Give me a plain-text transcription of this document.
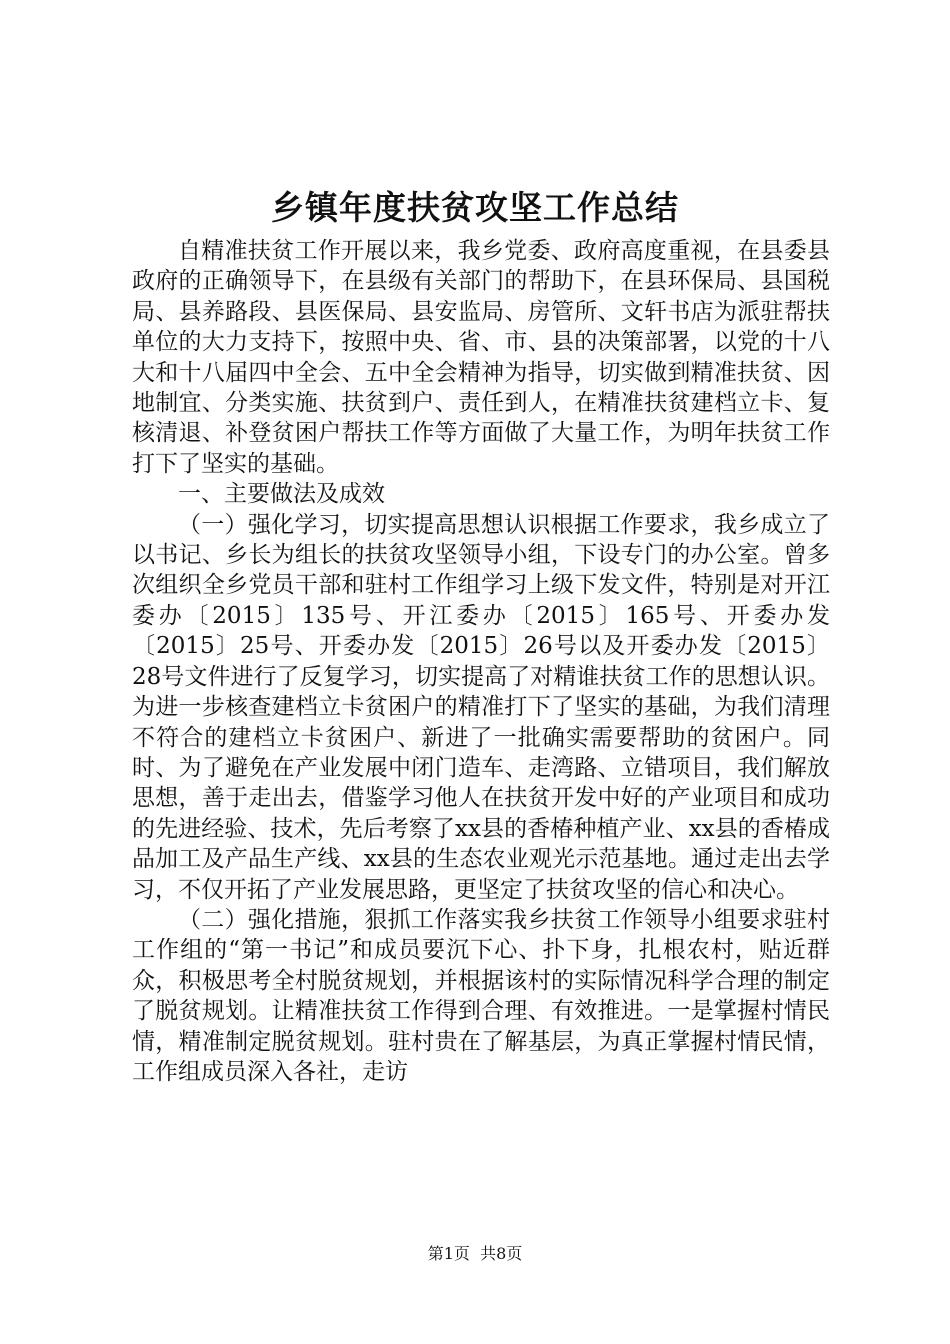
乡镇年度扶贫攻坚工作总结

自精准扶贫工作开展以来，我乡党委、政府高度重视，在县委县政府的正确领导下，在县级有关部门的帮助下，在县环保局、县国税局、县养路段、县医保局、县安监局、房管所、文轩书店为派驻帮扶单位的大力支持下，按照中央、省、市、县的决策部署，以党的十八大和十八届四中全会、五中全会精神为指导，切实做到精准扶贫、因地制宜、分类实施、扶贫到户、责任到人，在精准扶贫建档立卡、复核清退、补登贫困户帮扶工作等方面做了大量工作，为明年扶贫工作打下了坚实的基础。

一、主要做法及成效

（一）强化学习，切实提高思想认识根据工作要求，我乡成立了以书记、乡长为组长的扶贫攻坚领导小组，下设专门的办公室。曾多次组织全乡党员干部和驻村工作组学习上级下发文件，特别是对开江委办〔2015〕135号、开江委办〔2015〕165号、开委办发〔2015〕25号、开委办发〔2015〕26号以及开委办发〔2015〕28号文件进行了反复学习，切实提高了对精谁扶贫工作的思想认识。为进一步核查建档立卡贫困户的精准打下了坚实的基础，为我们清理不符合的建档立卡贫困户、新进了一批确实需要帮助的贫困户。同时、为了避免在产业发展中闭门造车、走湾路、立错项目，我们解放思想，善于走出去，借鉴学习他人在扶贫开发中好的产业项目和成功的先进经验、技术，先后考察了xx县的香椿种植产业、xx县的香椿成品加工及产品生产线、xx县的生态农业观光示范基地。通过走出去学习，不仅开拓了产业发展思路，更坚定了扶贫攻坚的信心和决心。

（二）强化措施，狠抓工作落实我乡扶贫工作领导小组要求驻村工作组的“第一书记”和成员要沉下心、扑下身，扎根农村，贴近群众，积极思考全村脱贫规划，并根据该村的实际情况科学合理的制定了脱贫规划。让精准扶贫工作得到合理、有效推进。一是掌握村情民情，精准制定脱贫规划。驻村贵在了解基层，为真正掌握村情民情，工作组成员深入各社，走访

第1页  共8页
